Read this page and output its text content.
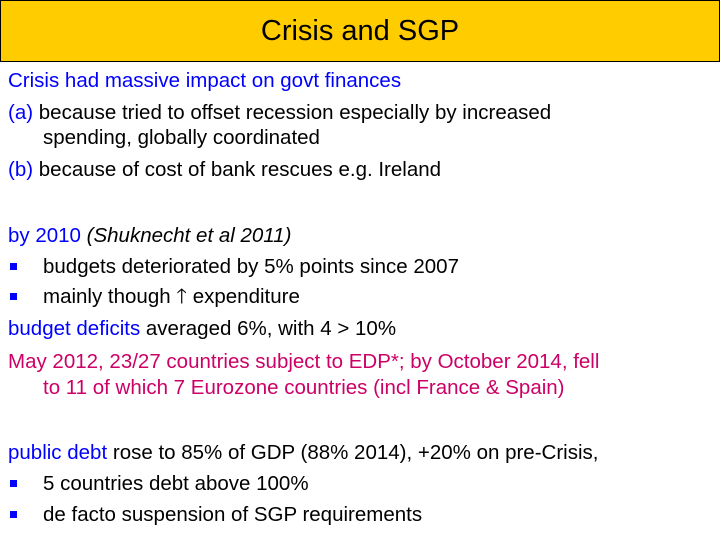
Crisis and SGP
Crisis had massive impact on govt finances
(a) because tried to offset recession especially by increased
spending, globally coordinated
(b) because of cost of bank rescues e.g. Ireland
by 2010 (Shuknecht et al 2011)
budgets deteriorated by 5% points since 2007
mainly though 🡑 expenditure
budget deficits averaged 6%, with 4 > 10%
May 2012, 23/27 countries subject to EDP*; by October 2014, fell
to 11 of which 7 Eurozone countries (incl France & Spain)
public debt rose to 85% of GDP (88% 2014), +20% on pre-Crisis,
5 countries debt above 100%
de facto suspension of SGP requirements
